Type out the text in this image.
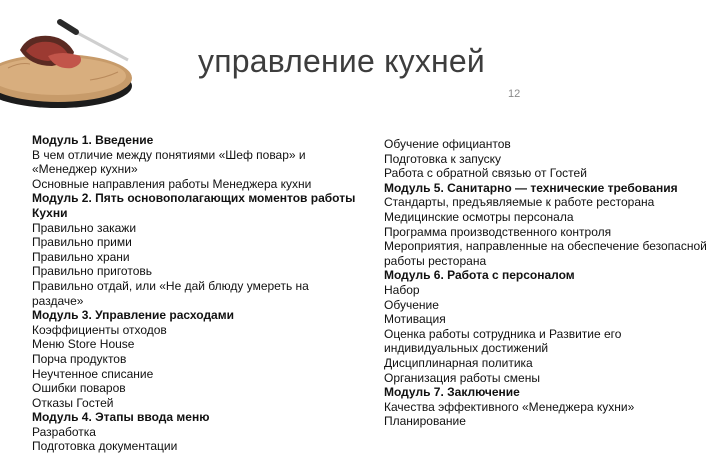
управление кухней
12
Модуль 1. Введение
В чем отличие между понятиями «Шеф повар» и «Менеджер кухни»
Основные направления работы Менеджера кухни
Модуль 2. Пять основополагающих моментов работы Кухни
Правильно закажи
Правильно прими
Правильно храни
Правильно приготовь
Правильно отдай, или «Не дай блюду умереть на раздаче»
Модуль 3. Управление расходами
Коэффициенты отходов
Меню Store House
Порча продуктов
Неучтенное списание
Ошибки поваров
Отказы Гостей
Модуль 4. Этапы ввода меню
Разработка
Подготовка документации
Обучение официантов
Подготовка к запуску
Работа с обратной связью от Гостей
Модуль 5. Санитарно — технические требования
Стандарты, предъявляемые к работе ресторана
Медицинские осмотры персонала
Программа производственного контроля
Мероприятия, направленные на обеспечение безопасной работы ресторана
Модуль 6. Работа с персоналом
Набор
Обучение
Мотивация
Оценка работы сотрудника и Развитие его индивидуальных достижений
Дисциплинарная политика
Организация работы смены
Модуль 7. Заключение
Качества эффективного «Менеджера кухни»
Планирование
